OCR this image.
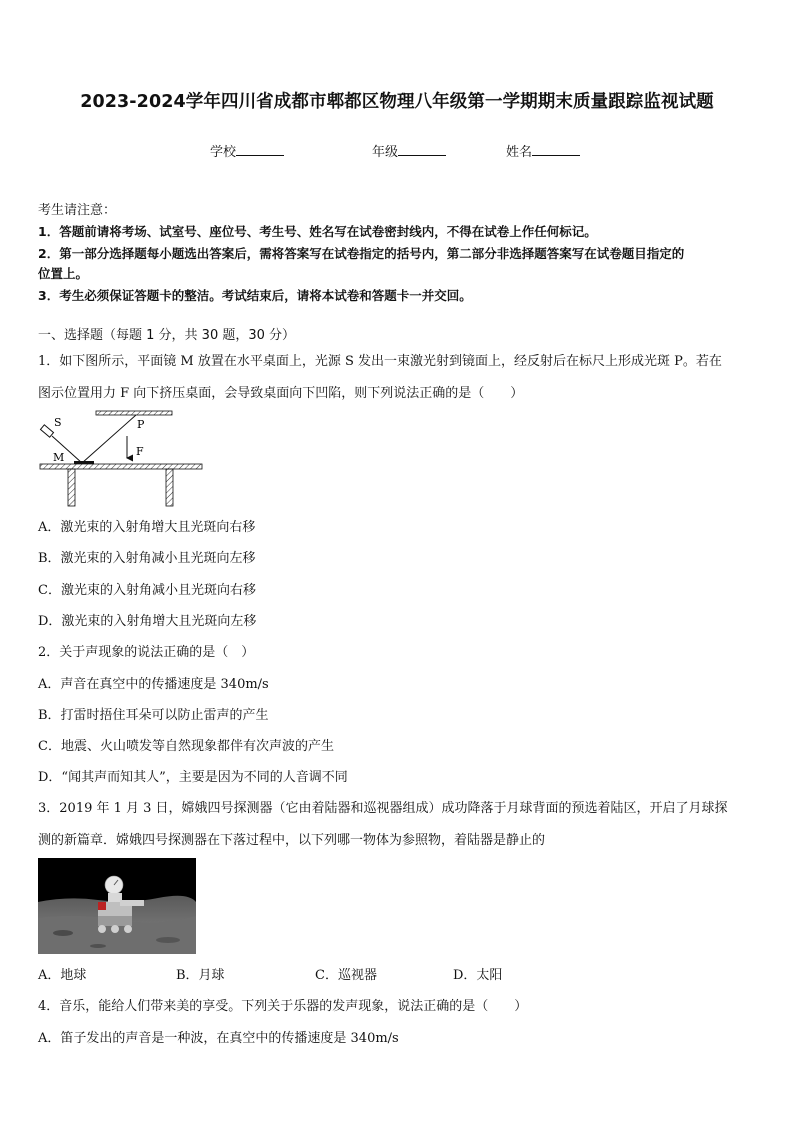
2023-2024学年四川省成都市郫都区物理八年级第一学期期末质量跟踪监视试题
学校	年级	姓名
考生请注意：
1．答题前请将考场、试室号、座位号、考生号、姓名写在试卷密封线内，不得在试卷上作任何标记。
2．第一部分选择题每小题选出答案后，需将答案写在试卷指定的括号内，第二部分非选择题答案写在试卷题目指定的
位置上。
3．考生必须保证答题卡的整洁。考试结束后，请将本试卷和答题卡一并交回。
一、选择题（每题 1 分，共 30 题，30 分）
1．如下图所示，平面镜 M 放置在水平桌面上，光源 S 发出一束激光射到镜面上，经反射后在标尺上形成光斑 P。若在
图示位置用力 F 向下挤压桌面，会导致桌面向下凹陷，则下列说法正确的是（　　）
S
M
P
F
A．激光束的入射角增大且光斑向右移
B．激光束的入射角减小且光斑向左移
C．激光束的入射角减小且光斑向右移
D．激光束的入射角增大且光斑向左移
2．关于声现象的说法正确的是（　）
A．声音在真空中的传播速度是 340m/s
B．打雷时捂住耳朵可以防止雷声的产生
C．地震、火山喷发等自然现象都伴有次声波的产生
D．“闻其声而知其人”，主要是因为不同的人音调不同
3．2019 年 1 月 3 日，嫦娥四号探测器（它由着陆器和巡视器组成）成功降落于月球背面的预选着陆区，开启了月球探
测的新篇章．嫦娥四号探测器在下落过程中，以下列哪一物体为参照物，着陆器是静止的
A．地球	B．月球	C．巡视器	D．太阳
4．音乐，能给人们带来美的享受。下列关于乐器的发声现象，说法正确的是（　　）
A．笛子发出的声音是一种波，在真空中的传播速度是 340m/s
